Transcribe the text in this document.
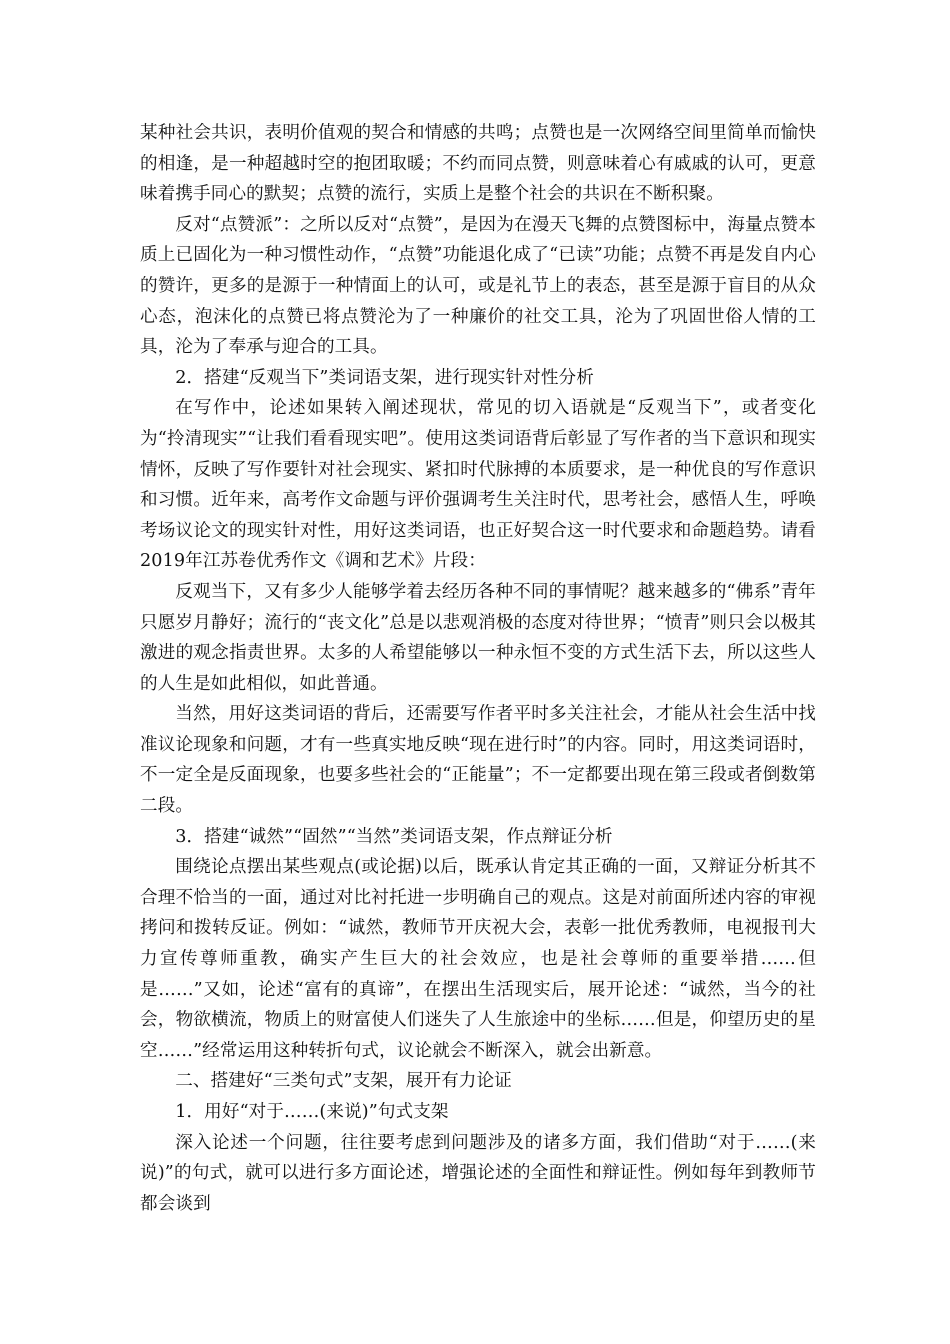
某种社会共识，表明价值观的契合和情感的共鸣；点赞也是一次网络空间里简单而愉快的相逢，是一种超越时空的抱团取暖；不约而同点赞，则意味着心有戚戚的认可，更意味着携手同心的默契；点赞的流行，实质上是整个社会的共识在不断积聚。

反对“点赞派”：之所以反对“点赞”，是因为在漫天飞舞的点赞图标中，海量点赞本质上已固化为一种习惯性动作，“点赞”功能退化成了“已读”功能；点赞不再是发自内心的赞许，更多的是源于一种情面上的认可，或是礼节上的表态，甚至是源于盲目的从众心态，泡沫化的点赞已将点赞沦为了一种廉价的社交工具，沦为了巩固世俗人情的工具，沦为了奉承与迎合的工具。

2．搭建“反观当下”类词语支架，进行现实针对性分析

在写作中，论述如果转入阐述现状，常见的切入语就是“反观当下”，或者变化为“拎清现实”“让我们看看现实吧”。使用这类词语背后彰显了写作者的当下意识和现实情怀，反映了写作要针对社会现实、紧扣时代脉搏的本质要求，是一种优良的写作意识和习惯。近年来，高考作文命题与评价强调考生关注时代，思考社会，感悟人生，呼唤考场议论文的现实针对性，用好这类词语，也正好契合这一时代要求和命题趋势。请看2019年江苏卷优秀作文《调和艺术》片段：

反观当下，又有多少人能够学着去经历各种不同的事情呢？越来越多的“佛系”青年只愿岁月静好；流行的“丧文化”总是以悲观消极的态度对待世界；“愤青”则只会以极其激进的观念指责世界。太多的人希望能够以一种永恒不变的方式生活下去，所以这些人的人生是如此相似，如此普通。

当然，用好这类词语的背后，还需要写作者平时多关注社会，才能从社会生活中找准议论现象和问题，才有一些真实地反映“现在进行时”的内容。同时，用这类词语时，不一定全是反面现象，也要多些社会的“正能量”；不一定都要出现在第三段或者倒数第二段。

3．搭建“诚然”“固然”“当然”类词语支架，作点辩证分析

围绕论点摆出某些观点(或论据)以后，既承认肯定其正确的一面，又辩证分析其不合理不恰当的一面，通过对比衬托进一步明确自己的观点。这是对前面所述内容的审视拷问和拨转反证。例如：“诚然，教师节开庆祝大会，表彰一批优秀教师，电视报刊大力宣传尊师重教，确实产生巨大的社会效应，也是社会尊师的重要举措……但是……”又如，论述“富有的真谛”，在摆出生活现实后，展开论述：“诚然，当今的社会，物欲横流，物质上的财富使人们迷失了人生旅途中的坐标……但是，仰望历史的星空……”经常运用这种转折句式，议论就会不断深入，就会出新意。

二、搭建好“三类句式”支架，展开有力论证

1．用好“对于……(来说)”句式支架

深入论述一个问题，往往要考虑到问题涉及的诸多方面，我们借助“对于……(来说)”的句式，就可以进行多方面论述，增强论述的全面性和辩证性。例如每年到教师节都会谈到
